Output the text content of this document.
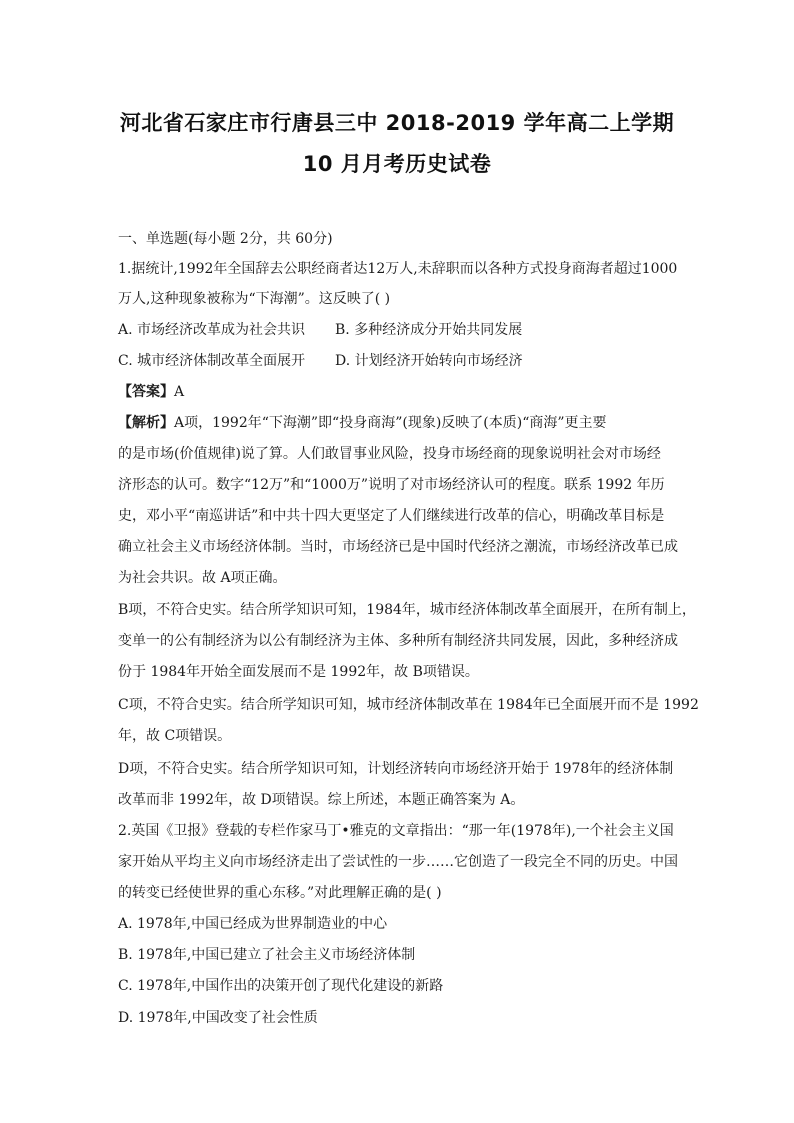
河北省石家庄市行唐县三中 2018-2019 学年高二上学期
10 月月考历史试卷
一、单选题(每小题 2分，共 60分)
1.据统计,1992年全国辞去公职经商者达12万人,未辞职而以各种方式投身商海者超过1000
万人,这种现象被称为“下海潮”。这反映了( )
A. 市场经济改革成为社会共识 B. 多种经济成分开始共同发展
C. 城市经济体制改革全面展开 D. 计划经济开始转向市场经济
【答案】A
【解析】A项，1992年“下海潮”即“投身商海”(现象)反映了(本质)“商海”更主要
的是市场(价值规律)说了算。人们敢冒事业风险，投身市场经商的现象说明社会对市场经
济形态的认可。数字“12万”和“1000万”说明了对市场经济认可的程度。联系 1992 年历
史，邓小平“南巡讲话”和中共十四大更坚定了人们继续进行改革的信心，明确改革目标是
确立社会主义市场经济体制。当时，市场经济已是中国时代经济之潮流，市场经济改革已成
为社会共识。故 A项正确。
B项，不符合史实。结合所学知识可知，1984年，城市经济体制改革全面展开，在所有制上，
变单一的公有制经济为以公有制经济为主体、多种所有制经济共同发展，因此，多种经济成
份于 1984年开始全面发展而不是 1992年，故 B项错误。
C项，不符合史实。结合所学知识可知，城市经济体制改革在 1984年已全面展开而不是 1992
年，故 C项错误。
D项，不符合史实。结合所学知识可知，计划经济转向市场经济开始于 1978年的经济体制
改革而非 1992年，故 D项错误。综上所述，本题正确答案为 A。
2.英国《卫报》登载的专栏作家马丁•雅克的文章指出：“那一年(1978年),一个社会主义国
家开始从平均主义向市场经济走出了尝试性的一步……它创造了一段完全不同的历史。中国
的转变已经使世界的重心东移。”对此理解正确的是( )
A. 1978年,中国已经成为世界制造业的中心
B. 1978年,中国已建立了社会主义市场经济体制
C. 1978年,中国作出的决策开创了现代化建设的新路
D. 1978年,中国改变了社会性质
